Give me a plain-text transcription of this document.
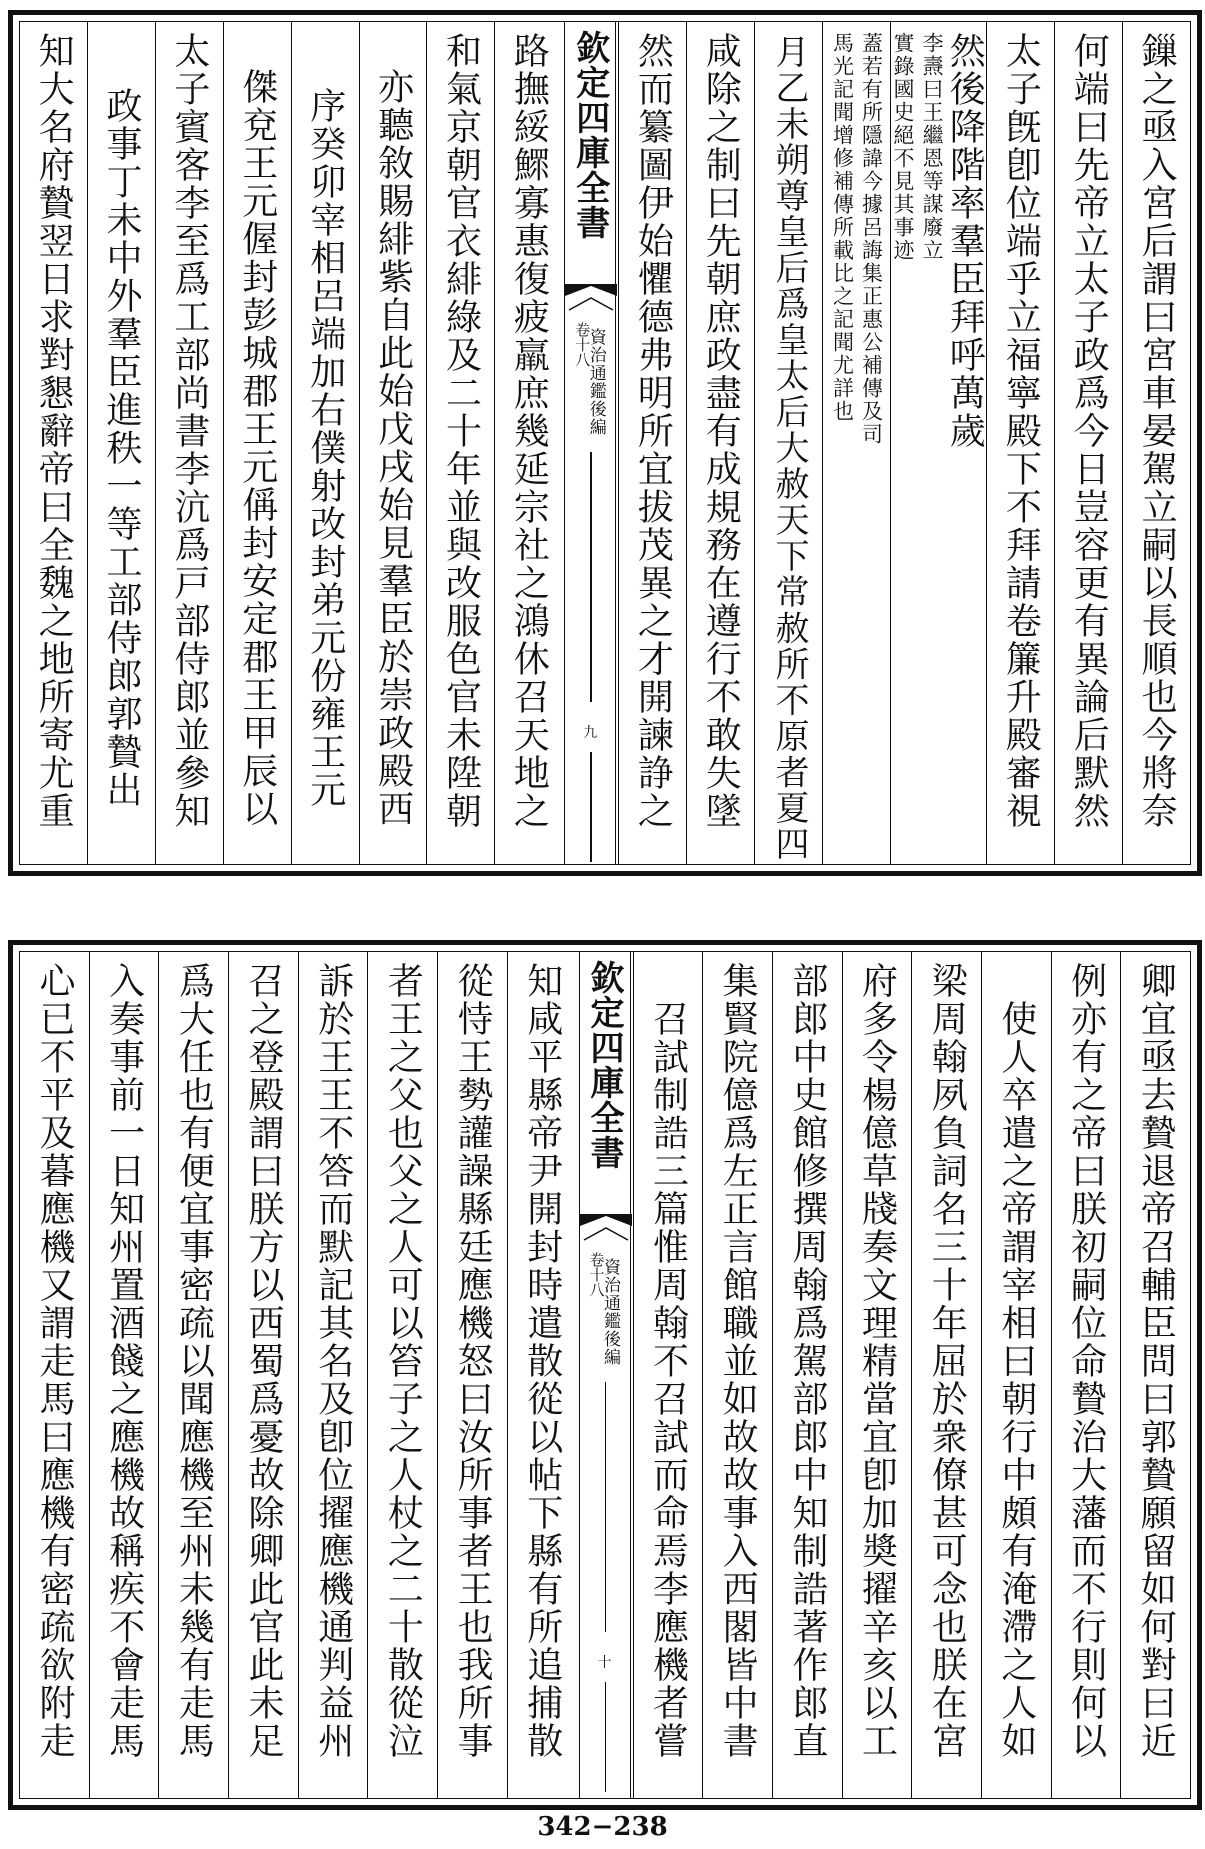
鏁之亟入宮后謂曰宮車晏駕立嗣以長順也今將奈
何端曰先帝立太子政爲今日豈容更有異論后默然
太子旣卽位端乎立福寧殿下不拜請卷簾升殿審視
然後降階率羣臣拜呼萬歲
李燾曰王繼恩等謀廢立
實錄國史絕不見其事迹
蓋若有所隱諱今據呂誨集正惠公補傳及司
馬光記聞增修補傳所載比之記聞尤詳也
月乙未朔尊皇后爲皇太后大赦天下常赦所不原者
夏四
咸除之制曰先朝庶政盡有成規務在遵行不敢失墜
然而纂圖伊始懼德弗明所宜拔茂異之才開諫諍之
欽定四庫全書
卷十八
資治通鑑後編
九
路撫綏鰥寡惠復疲羸庶幾延宗社之鴻休召天地之
和氣京朝官衣緋綠及二十年並與改服色官未陞朝
亦聽敘賜緋紫自此始
戊戌始見羣臣於崇政殿西
序
癸卯宰相呂端加右僕射
改封弟元份雍王元
傑兗王元偓封彭城郡王元偁封安定郡王
甲辰以
太子賓客李至爲工部尚書李沆爲戸部侍郎並參知
政事
丁未中外羣臣進秩一等
工部侍郎郭贄出
知大名府贄翌日求對懇辭帝曰全魏之地所寄尤重
卿宜亟去贄退帝召輔臣問曰郭贄願留如何對曰近
例亦有之帝曰朕初嗣位命贄治大藩而不行則何以
使人卒遣之
帝謂宰相曰朝行中頗有淹滯之人如
梁周翰夙負詞名三十年屈於衆僚甚可念也朕在宮
府多令楊億草牋奏文理精當宜卽加奬擢辛亥以工
部郎中史館修撰周翰爲駕部郎中知制誥著作郎直
集賢院億爲左正言館職並如故故事入西閣皆中書
召試制誥三篇惟周翰不召試而命焉
李應機者嘗
欽定四庫全書
卷十八
資治通鑑後編
十
知咸平縣帝尹開封時遣散從以帖下縣有所追捕散
從恃王勢讙譟縣廷應機怒曰汝所事者王也我所事
者王之父也父之人可以笞子之人杖之二十散從泣
訴於王王不答而默記其名及卽位擢應機通判益州
召之登殿謂曰朕方以西蜀爲憂故除卿此官此未足
爲大任也有便宜事密疏以聞應機至州未幾有走馬
入奏事前一日知州置酒餞之應機故稱疾不會走馬
心已不平及暮應機又謂走馬曰應機有密疏欲附走
342−238
